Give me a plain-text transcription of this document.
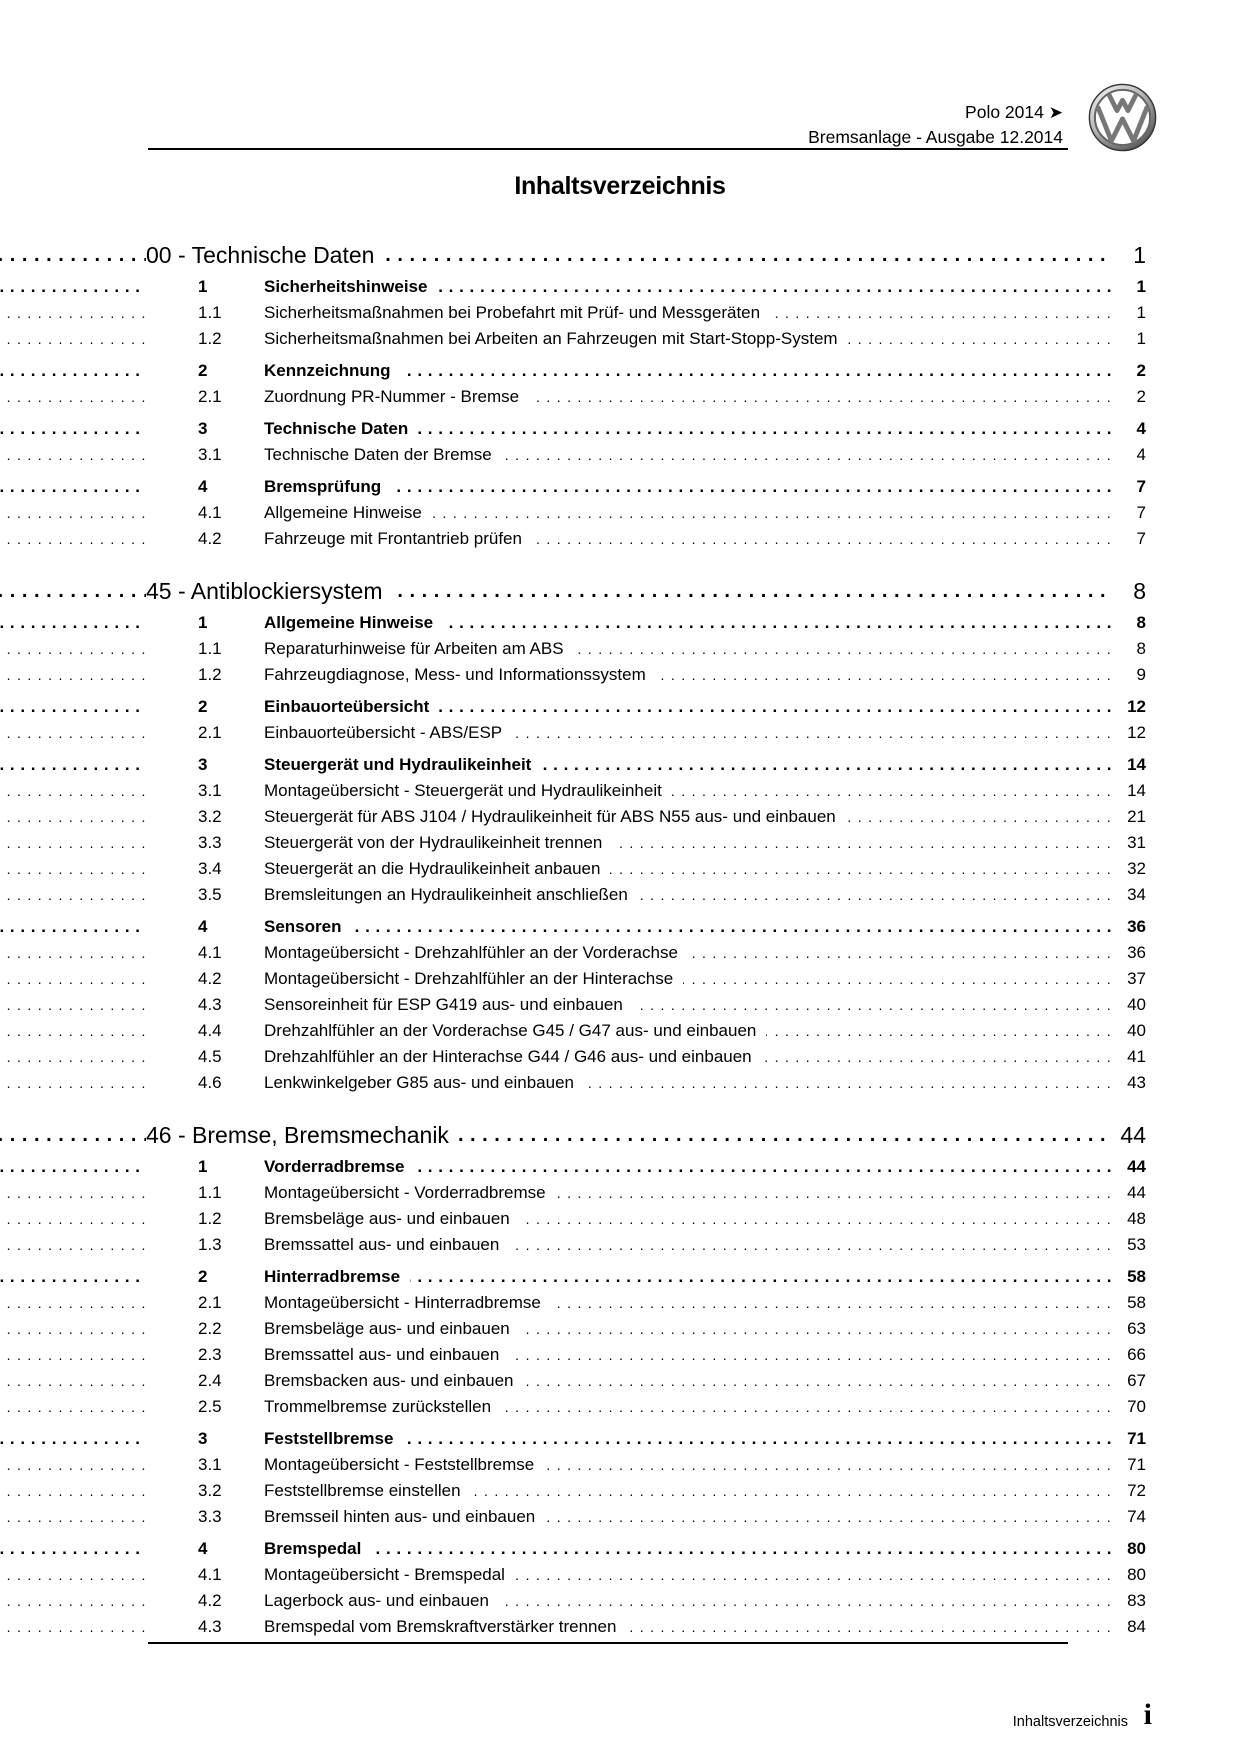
Polo 2014 ➤
Bremsanlage - Ausgabe 12.2014
Inhaltsverzeichnis
. . .
00 - Technische Daten	1
. . .
1	Sicherheitshinweise	1
. . .
1.1 Sicherheitsmaßnahmen bei Probefahrt mit Prüf- und Messgeräten	1
. . .
1.2 Sicherheitsmaßnahmen bei Arbeiten an Fahrzeugen mit Start-Stopp-System	1
. . .
2	Kennzeichnung	2
. . .
2.1 Zuordnung PR-Nummer - Bremse	2
. . .
3	Technische Daten	4
. . .
3.1 Technische Daten der Bremse	4
. . .
4	Bremsprüfung	7
. . .
4.1 Allgemeine Hinweise	7
. . .
4.2 Fahrzeuge mit Frontantrieb prüfen	7
. . .
45 - Antiblockiersystem	8
. . .
1	Allgemeine Hinweise	8
. . .
1.1 Reparaturhinweise für Arbeiten am ABS	8
. . .
1.2 Fahrzeugdiagnose, Mess- und Informationssystem	9
. . .
2	Einbauorteübersicht	12
. . .
2.1 Einbauorteübersicht - ABS/ESP	12
. . .
3	Steuergerät und Hydraulikeinheit	14
. . .
3.1 Montageübersicht - Steuergerät und Hydraulikeinheit	14
. . .
3.2 Steuergerät für ABS J104 / Hydraulikeinheit für ABS N55 aus- und einbauen	21
. . .
3.3 Steuergerät von der Hydraulikeinheit trennen	31
. . .
3.4 Steuergerät an die Hydraulikeinheit anbauen	32
. . .
3.5 Bremsleitungen an Hydraulikeinheit anschließen	34
. . .
4	Sensoren	36
. . .
4.1 Montageübersicht - Drehzahlfühler an der Vorderachse	36
. . .
4.2 Montageübersicht - Drehzahlfühler an der Hinterachse	37
. . .
4.3 Sensoreinheit für ESP G419 aus- und einbauen	40
. . .
4.4 Drehzahlfühler an der Vorderachse G45 / G47 aus- und einbauen	40
. . .
4.5 Drehzahlfühler an der Hinterachse G44 / G46 aus- und einbauen	41
. . .
4.6 Lenkwinkelgeber G85 aus- und einbauen	43
. . .
46 - Bremse, Bremsmechanik	44
. . .
1	Vorderradbremse	44
. . .
1.1 Montageübersicht - Vorderradbremse	44
. . .
1.2 Bremsbeläge aus- und einbauen	48
. . .
1.3 Bremssattel aus- und einbauen	53
. . .
2	Hinterradbremse	58
. . .
2.1 Montageübersicht - Hinterradbremse	58
. . .
2.2 Bremsbeläge aus- und einbauen	63
. . .
2.3 Bremssattel aus- und einbauen	66
. . .
2.4 Bremsbacken aus- und einbauen	67
. . .
2.5 Trommelbremse zurückstellen	70
. . .
3	Feststellbremse	71
. . .
3.1 Montageübersicht - Feststellbremse	71
. . .
3.2 Feststellbremse einstellen	72
. . .
3.3 Bremsseil hinten aus- und einbauen	74
. . .
4	Bremspedal	80
. . .
4.1 Montageübersicht - Bremspedal	80
. . .
4.2 Lagerbock aus- und einbauen	83
. . .
4.3 Bremspedal vom Bremskraftverstärker trennen	84
Inhaltsverzeichnis i
